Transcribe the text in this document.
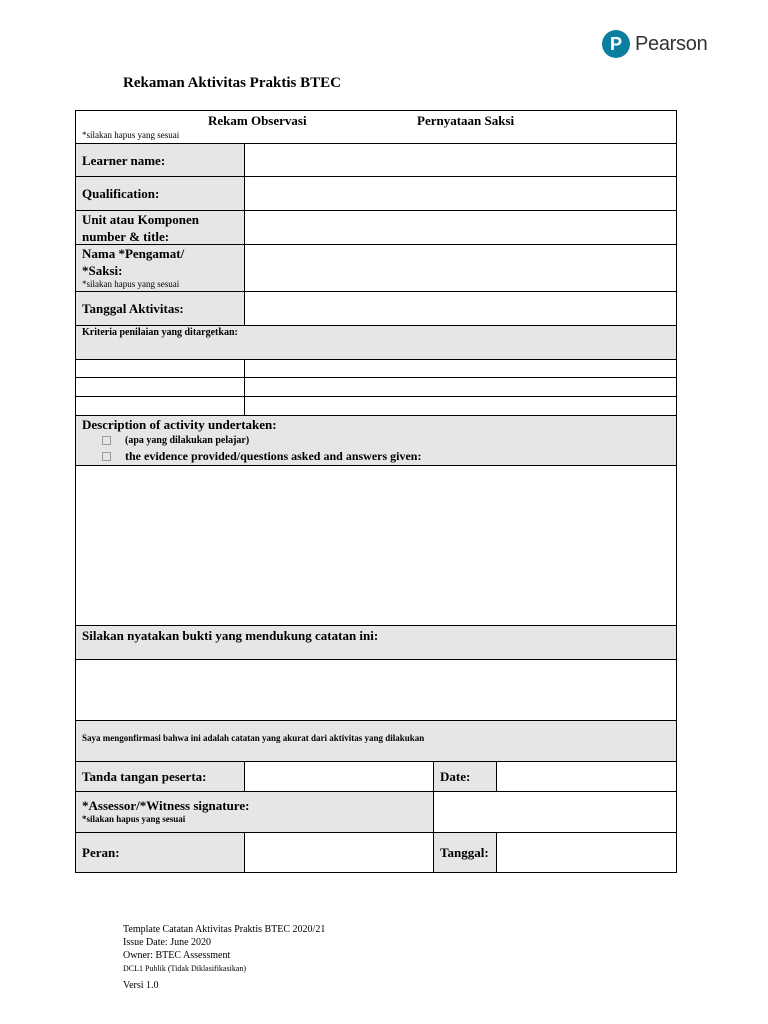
P Pearson
Rekaman Aktivitas Praktis BTEC
Rekam Observasi	Pernyataan Saksi
*silakan hapus yang sesuai
Learner name:
Qualification:
Unit atau Komponen
number & title:
Nama *Pengamat/
*Saksi:
*silakan hapus yang sesuai
Tanggal Aktivitas:
Kriteria penilaian yang ditargetkan:
Description of activity undertaken:
(apa yang dilakukan pelajar)
the evidence provided/questions asked and answers given:
Silakan nyatakan bukti yang mendukung catatan ini:
Saya mengonfirmasi bahwa ini adalah catatan yang akurat dari aktivitas yang dilakukan
Tanda tangan peserta:	Date:
*Assessor/*Witness signature:
*silakan hapus yang sesuai
Peran:	Tanggal:
Template Catatan Aktivitas Praktis BTEC 2020/21
Issue Date: June 2020
Owner: BTEC Assessment
DCL1 Publik (Tidak Diklasifikasikan)
Versi 1.0
